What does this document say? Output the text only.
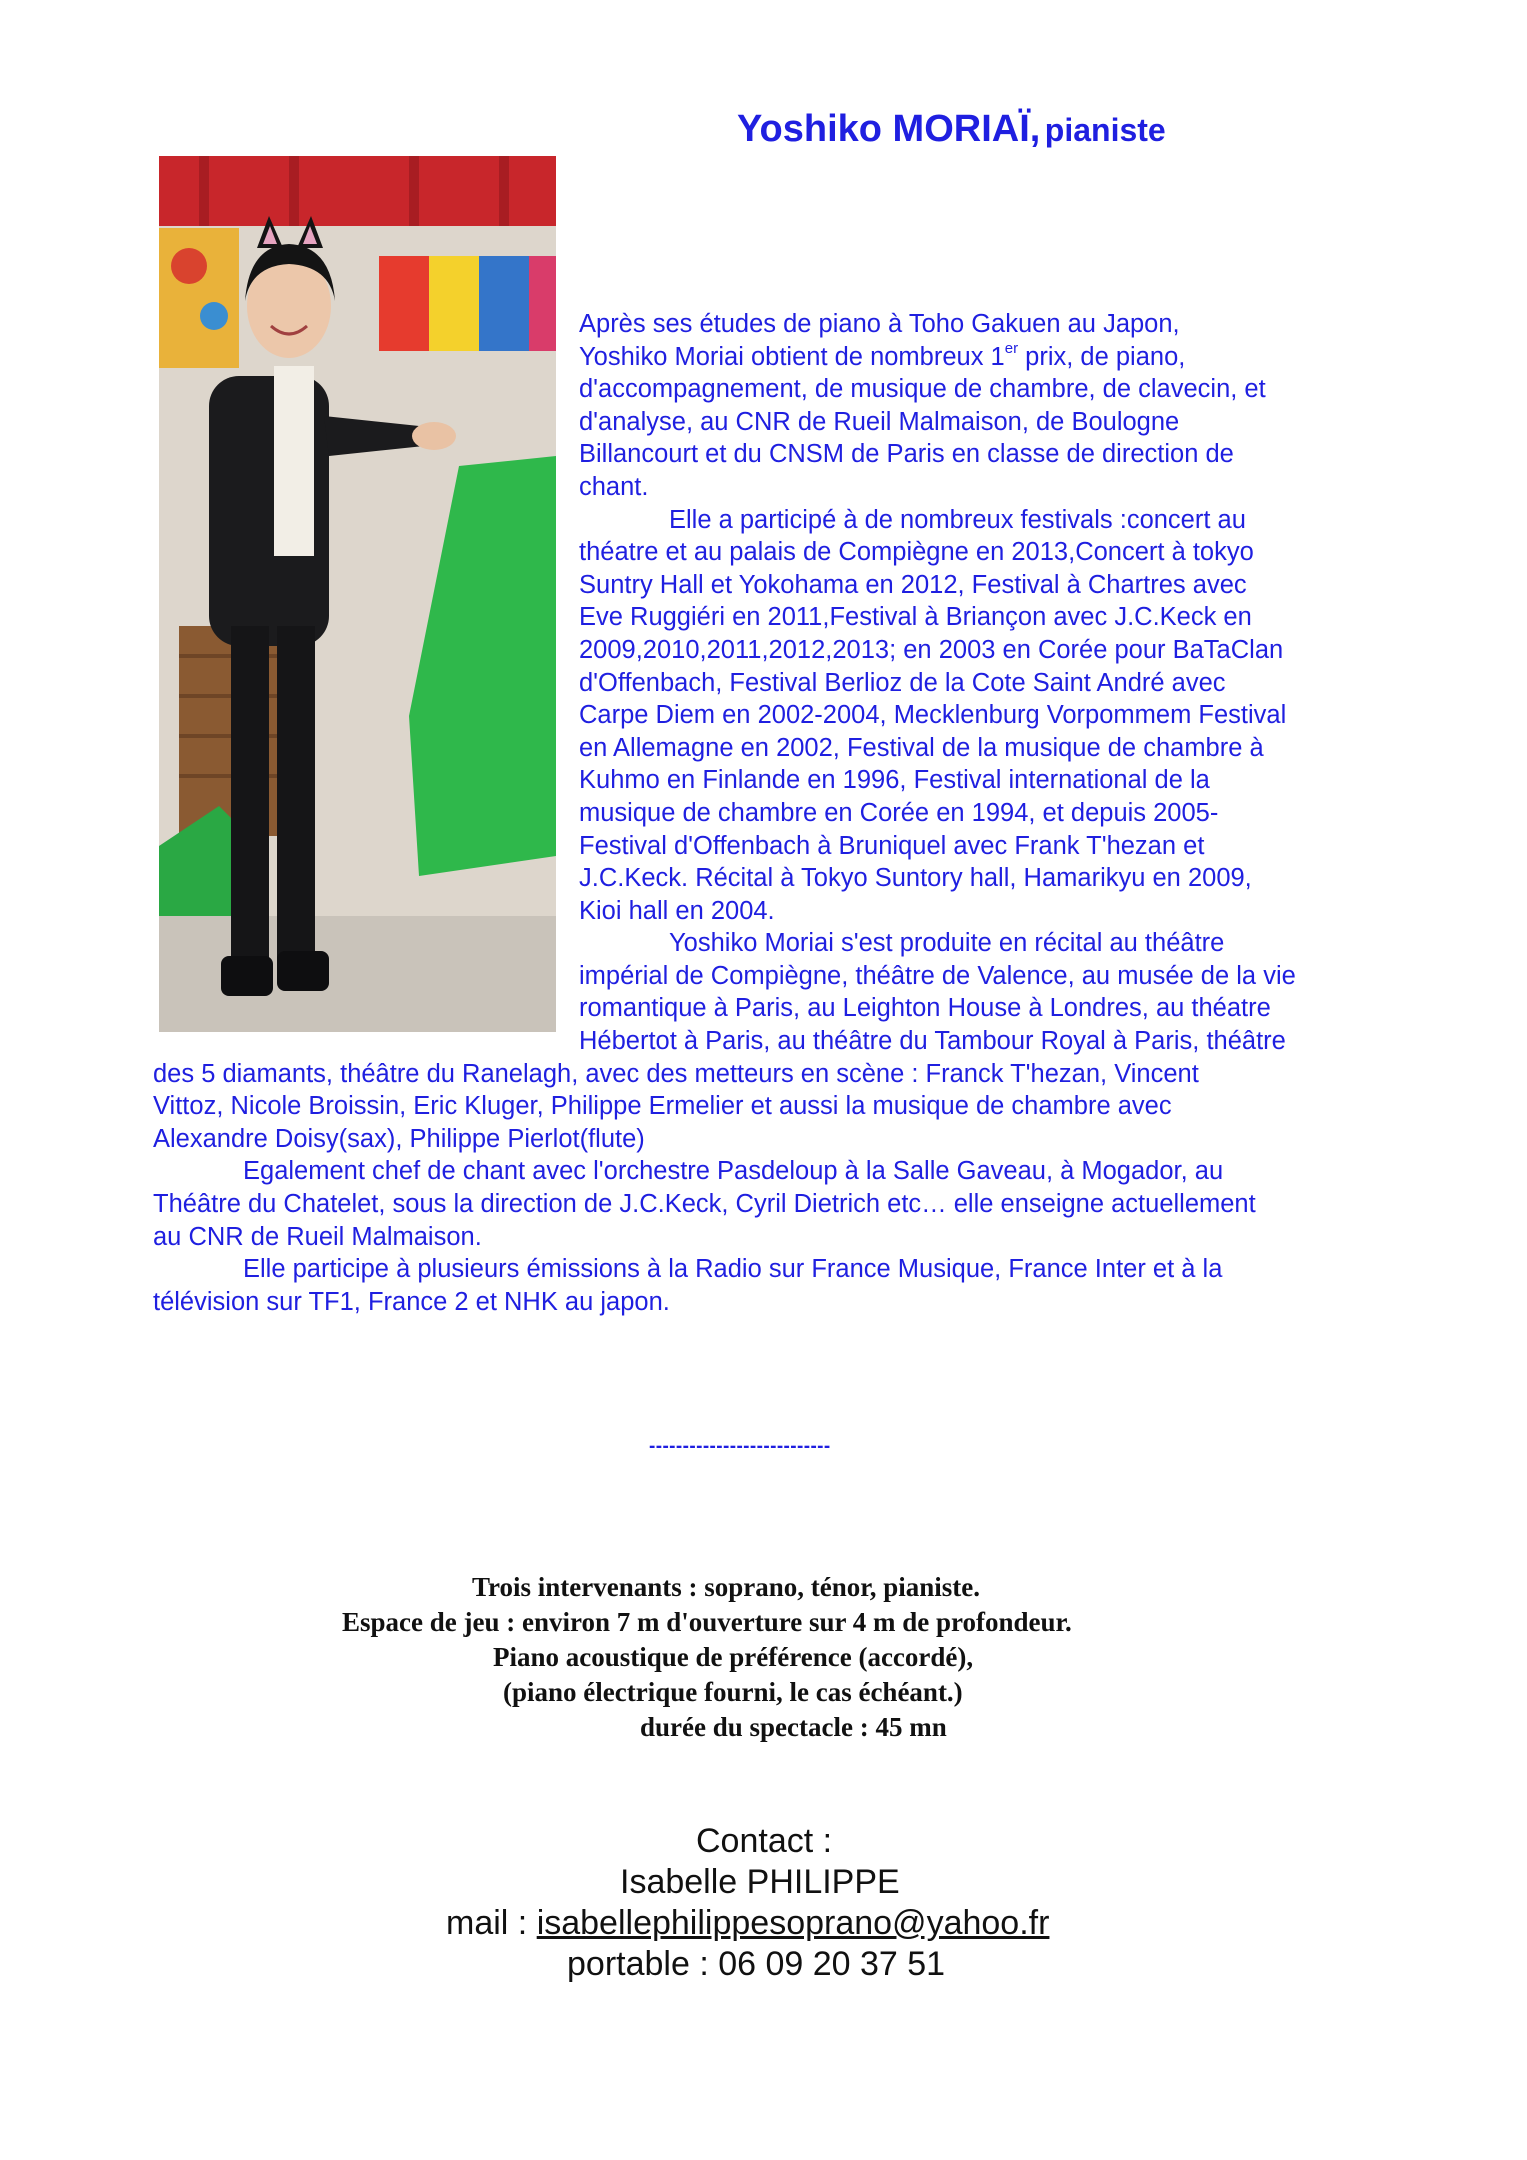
Yoshiko MORIAÏ, pianiste
Après ses études de piano à Toho Gakuen au Japon,
Yoshiko Moriai obtient de nombreux 1er prix, de piano,
d'accompagnement, de musique de chambre, de clavecin, et
d'analyse, au CNR de Rueil Malmaison, de Boulogne
Billancourt et du CNSM de Paris en classe de direction de
chant.
Elle a participé à de nombreux festivals :concert au
théatre et au palais de Compiègne en 2013,Concert à tokyo
Suntry Hall et Yokohama en 2012, Festival à Chartres avec
Eve Ruggiéri en 2011,Festival à Briançon avec J.C.Keck en
2009,2010,2011,2012,2013; en 2003 en Corée pour BaTaClan
d'Offenbach, Festival Berlioz de la Cote Saint André avec
Carpe Diem en 2002-2004, Mecklenburg Vorpommem Festival
en Allemagne en 2002, Festival de la musique de chambre à
Kuhmo en Finlande en 1996, Festival international de la
musique de chambre en Corée en 1994, et depuis 2005-
Festival d'Offenbach à Bruniquel avec Frank T'hezan et
J.C.Keck. Récital à Tokyo Suntory hall, Hamarikyu en 2009,
Kioi hall en 2004.
Yoshiko Moriai s'est produite en récital au théâtre
impérial de Compiègne, théâtre de Valence, au musée de la vie
romantique à Paris, au Leighton House à Londres, au théatre
Hébertot à Paris, au théâtre du Tambour Royal à Paris, théâtre
des 5 diamants, théâtre du Ranelagh, avec des metteurs en scène : Franck T'hezan, Vincent
Vittoz, Nicole Broissin, Eric Kluger, Philippe Ermelier et aussi la musique de chambre avec
Alexandre Doisy(sax), Philippe Pierlot(flute)
Egalement chef de chant avec l'orchestre Pasdeloup à la Salle Gaveau, à Mogador, au
Théâtre du Chatelet, sous la direction de J.C.Keck, Cyril Dietrich etc… elle enseigne actuellement
au CNR de Rueil Malmaison.
Elle participe à plusieurs émissions à la Radio sur France Musique, France Inter et à la
télévision sur TF1, France 2 et NHK au japon.
---------------------------
Trois intervenants : soprano, ténor, pianiste.
Espace de jeu : environ 7 m d'ouverture sur 4 m de profondeur.
Piano acoustique de préférence (accordé),
(piano électrique fourni, le cas échéant.)
durée du spectacle : 45 mn
Contact :
Isabelle PHILIPPE
mail : isabellephilippesoprano@yahoo.fr
portable : 06 09 20 37 51
